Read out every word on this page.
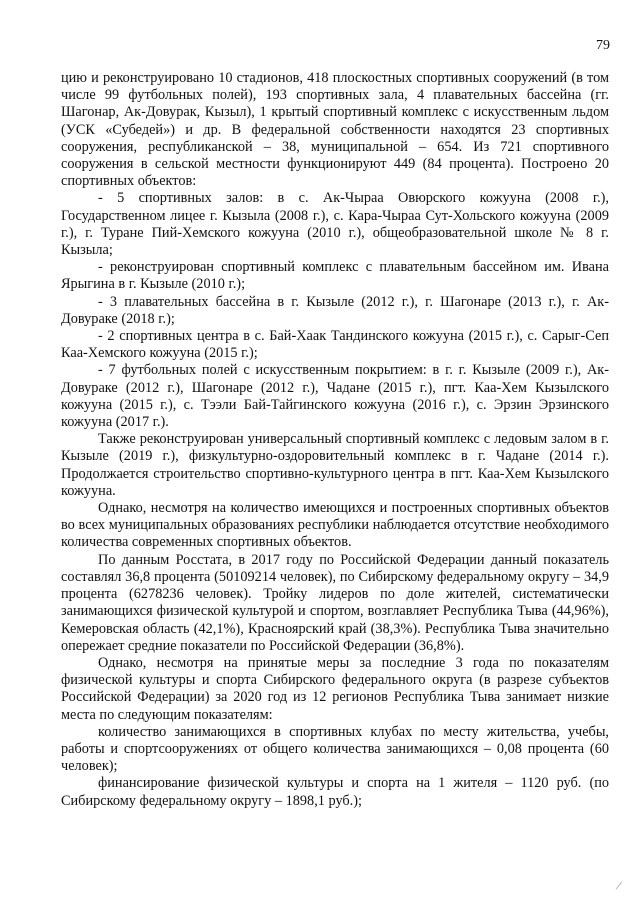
79

цию и реконструировано 10 стадионов, 418 плоскостных спортивных сооружений (в том числе 99 футбольных полей), 193 спортивных зала, 4 плавательных бассейна (гг. Шагонар, Ак-Довурак, Кызыл), 1 крытый спортивный комплекс с искусственным льдом (УСК «Субедей») и др. В федеральной собственности находятся 23 спортивных сооружения, республиканской – 38, муниципальной – 654. Из 721 спортивного сооружения в сельской местности функционируют 449 (84 процента). Построено 20 спортивных объектов:

- 5 спортивных залов: в с. Ак-Чыраа Овюрского кожууна (2008 г.), Государственном лицее г. Кызыла (2008 г.), с. Кара-Чыраа Сут-Хольского кожууна (2009 г.), г. Туране Пий-Хемского кожууна (2010 г.), общеобразовательной школе № 8 г. Кызыла;

- реконструирован спортивный комплекс с плавательным бассейном им. Ивана Ярыгина в г. Кызыле (2010 г.);

- 3 плавательных бассейна в г. Кызыле (2012 г.), г. Шагонаре (2013 г.), г. Ак-Довураке (2018 г.);

- 2 спортивных центра в с. Бай-Хаак Тандинского кожууна (2015 г.), с. Сарыг-Сеп Каа-Хемского кожууна (2015 г.);

- 7 футбольных полей с искусственным покрытием: в г. г. Кызыле (2009 г.), Ак-Довураке (2012 г.), Шагонаре (2012 г.), Чадане (2015 г.), пгт. Каа-Хем Кызылского кожууна (2015 г.), с. Тээли Бай-Тайгинского кожууна (2016 г.), с. Эрзин Эрзинского кожууна (2017 г.).

Также реконструирован универсальный спортивный комплекс с ледовым залом в г. Кызыле (2019 г.), физкультурно-оздоровительный комплекс в г. Чадане (2014 г.). Продолжается строительство спортивно-культурного центра в пгт. Каа-Хем Кызылского кожууна.

Однако, несмотря на количество имеющихся и построенных спортивных объектов во всех муниципальных образованиях республики наблюдается отсутствие необходимого количества современных спортивных объектов.

По данным Росстата, в 2017 году по Российской Федерации данный показатель составлял 36,8 процента (50109214 человек), по Сибирскому федеральному округу – 34,9 процента (6278236 человек). Тройку лидеров по доле жителей, систематически занимающихся физической культурой и спортом, возглавляет Республика Тыва (44,96%), Кемеровская область (42,1%), Красноярский край (38,3%). Республика Тыва значительно опережает средние показатели по Российской Федерации (36,8%).

Однако, несмотря на принятые меры за последние 3 года по показателям физической культуры и спорта Сибирского федерального округа (в разрезе субъектов Российской Федерации) за 2020 год из 12 регионов Республика Тыва занимает низкие места по следующим показателям:

количество занимающихся в спортивных клубах по месту жительства, учебы, работы и спортсооружениях от общего количества занимающихся – 0,08 процента (60 человек);

финансирование физической культуры и спорта на 1 жителя – 1120 руб. (по Сибирскому федеральному округу – 1898,1 руб.);
